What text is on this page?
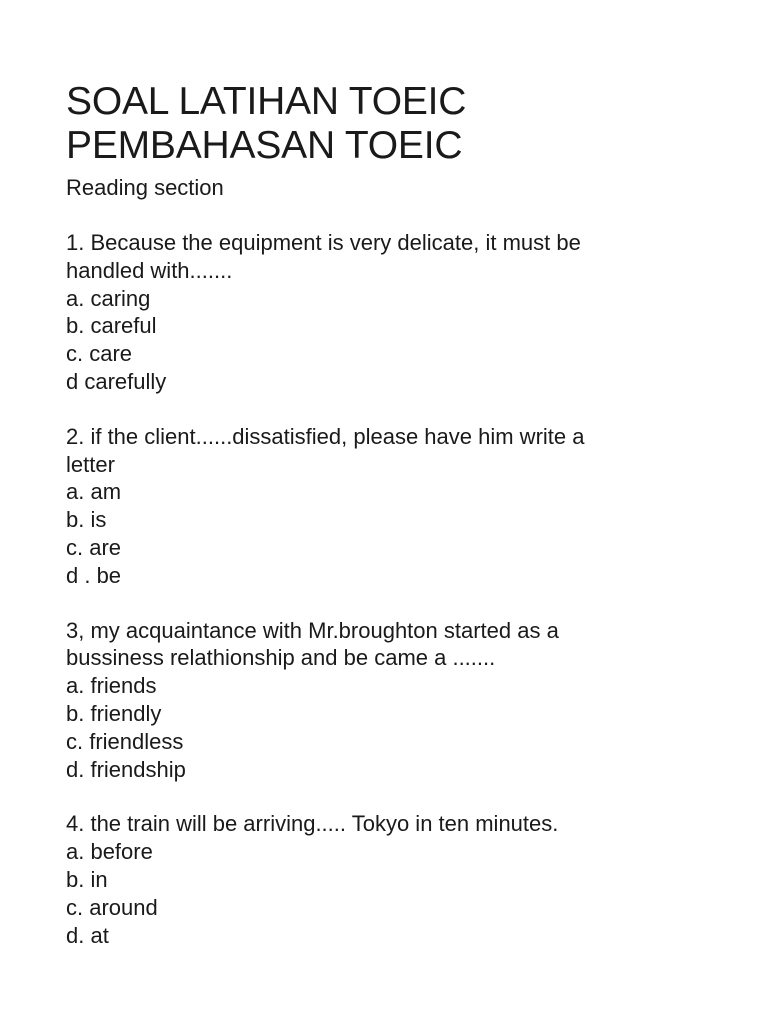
SOAL LATIHAN TOEIC
PEMBAHASAN TOEIC

Reading section

1. Because the equipment is very delicate, it must be

handled with.......

a. caring

b. careful

c. care

d carefully

2. if the client......dissatisfied, please have him write a

letter

a. am

b. is

c. are

d . be

3, my acquaintance with Mr.broughton started as a

bussiness relathionship and be came a .......

a. friends

b. friendly

c. friendless

d. friendship

4. the train will be arriving..... Tokyo in ten minutes.

a. before

b. in

c. around

d. at
